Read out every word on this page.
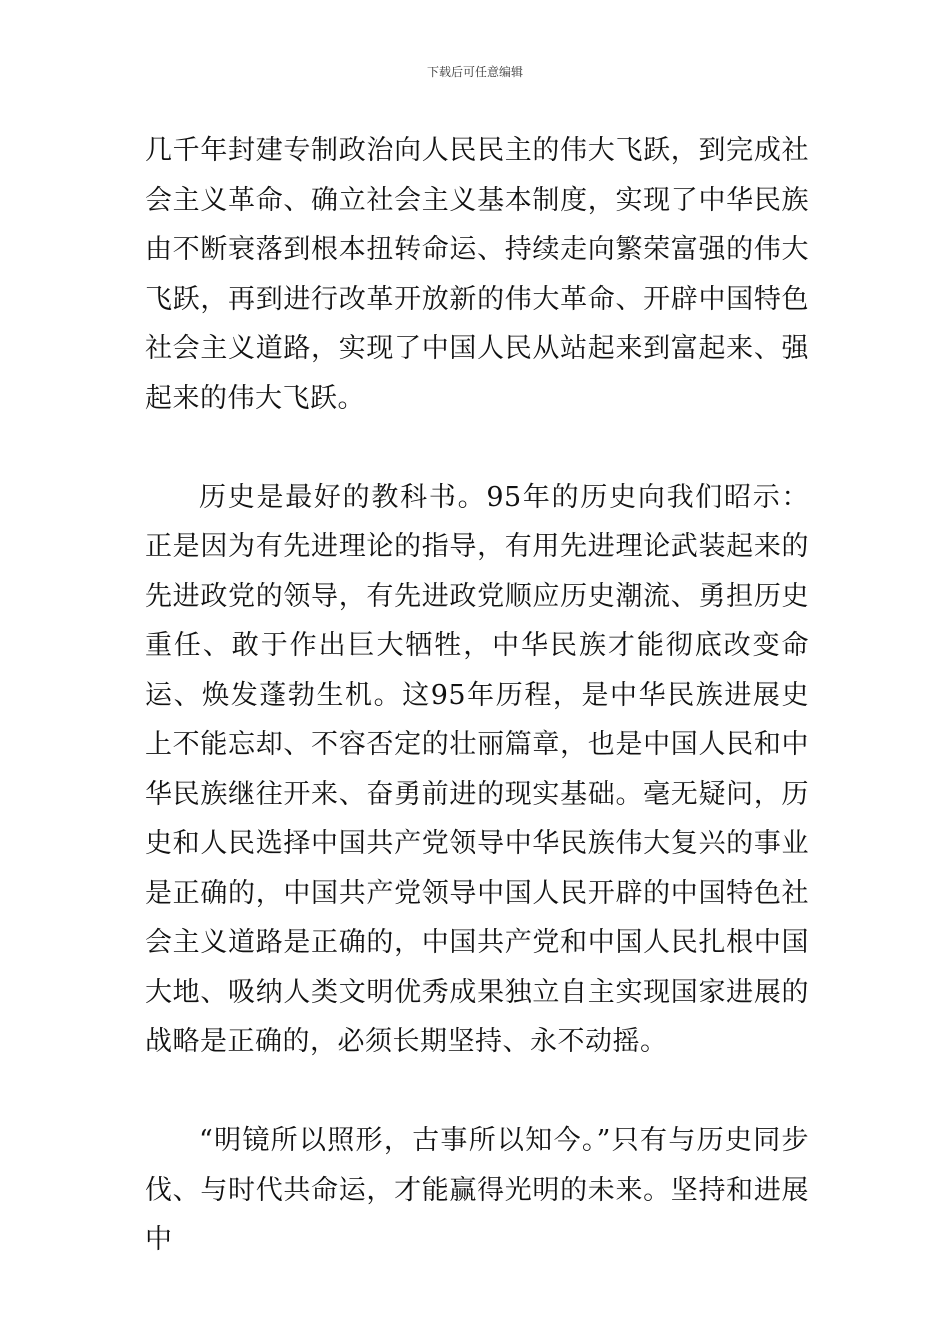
下载后可任意编辑

几千年封建专制政治向人民民主的伟大飞跃，到完成社会主义革命、确立社会主义基本制度，实现了中华民族由不断衰落到根本扭转命运、持续走向繁荣富强的伟大飞跃，再到进行改革开放新的伟大革命、开辟中国特色社会主义道路，实现了中国人民从站起来到富起来、强起来的伟大飞跃。

历史是最好的教科书。95年的历史向我们昭示：正是因为有先进理论的指导，有用先进理论武装起来的先进政党的领导，有先进政党顺应历史潮流、勇担历史重任、敢于作出巨大牺牲，中华民族才能彻底改变命运、焕发蓬勃生机。这95年历程，是中华民族进展史上不能忘却、不容否定的壮丽篇章，也是中国人民和中华民族继往开来、奋勇前进的现实基础。毫无疑问，历史和人民选择中国共产党领导中华民族伟大复兴的事业是正确的，中国共产党领导中国人民开辟的中国特色社会主义道路是正确的，中国共产党和中国人民扎根中国大地、吸纳人类文明优秀成果独立自主实现国家进展的战略是正确的，必须长期坚持、永不动摇。

“明镜所以照形，古事所以知今。”只有与历史同步伐、与时代共命运，才能赢得光明的未来。坚持和进展中
